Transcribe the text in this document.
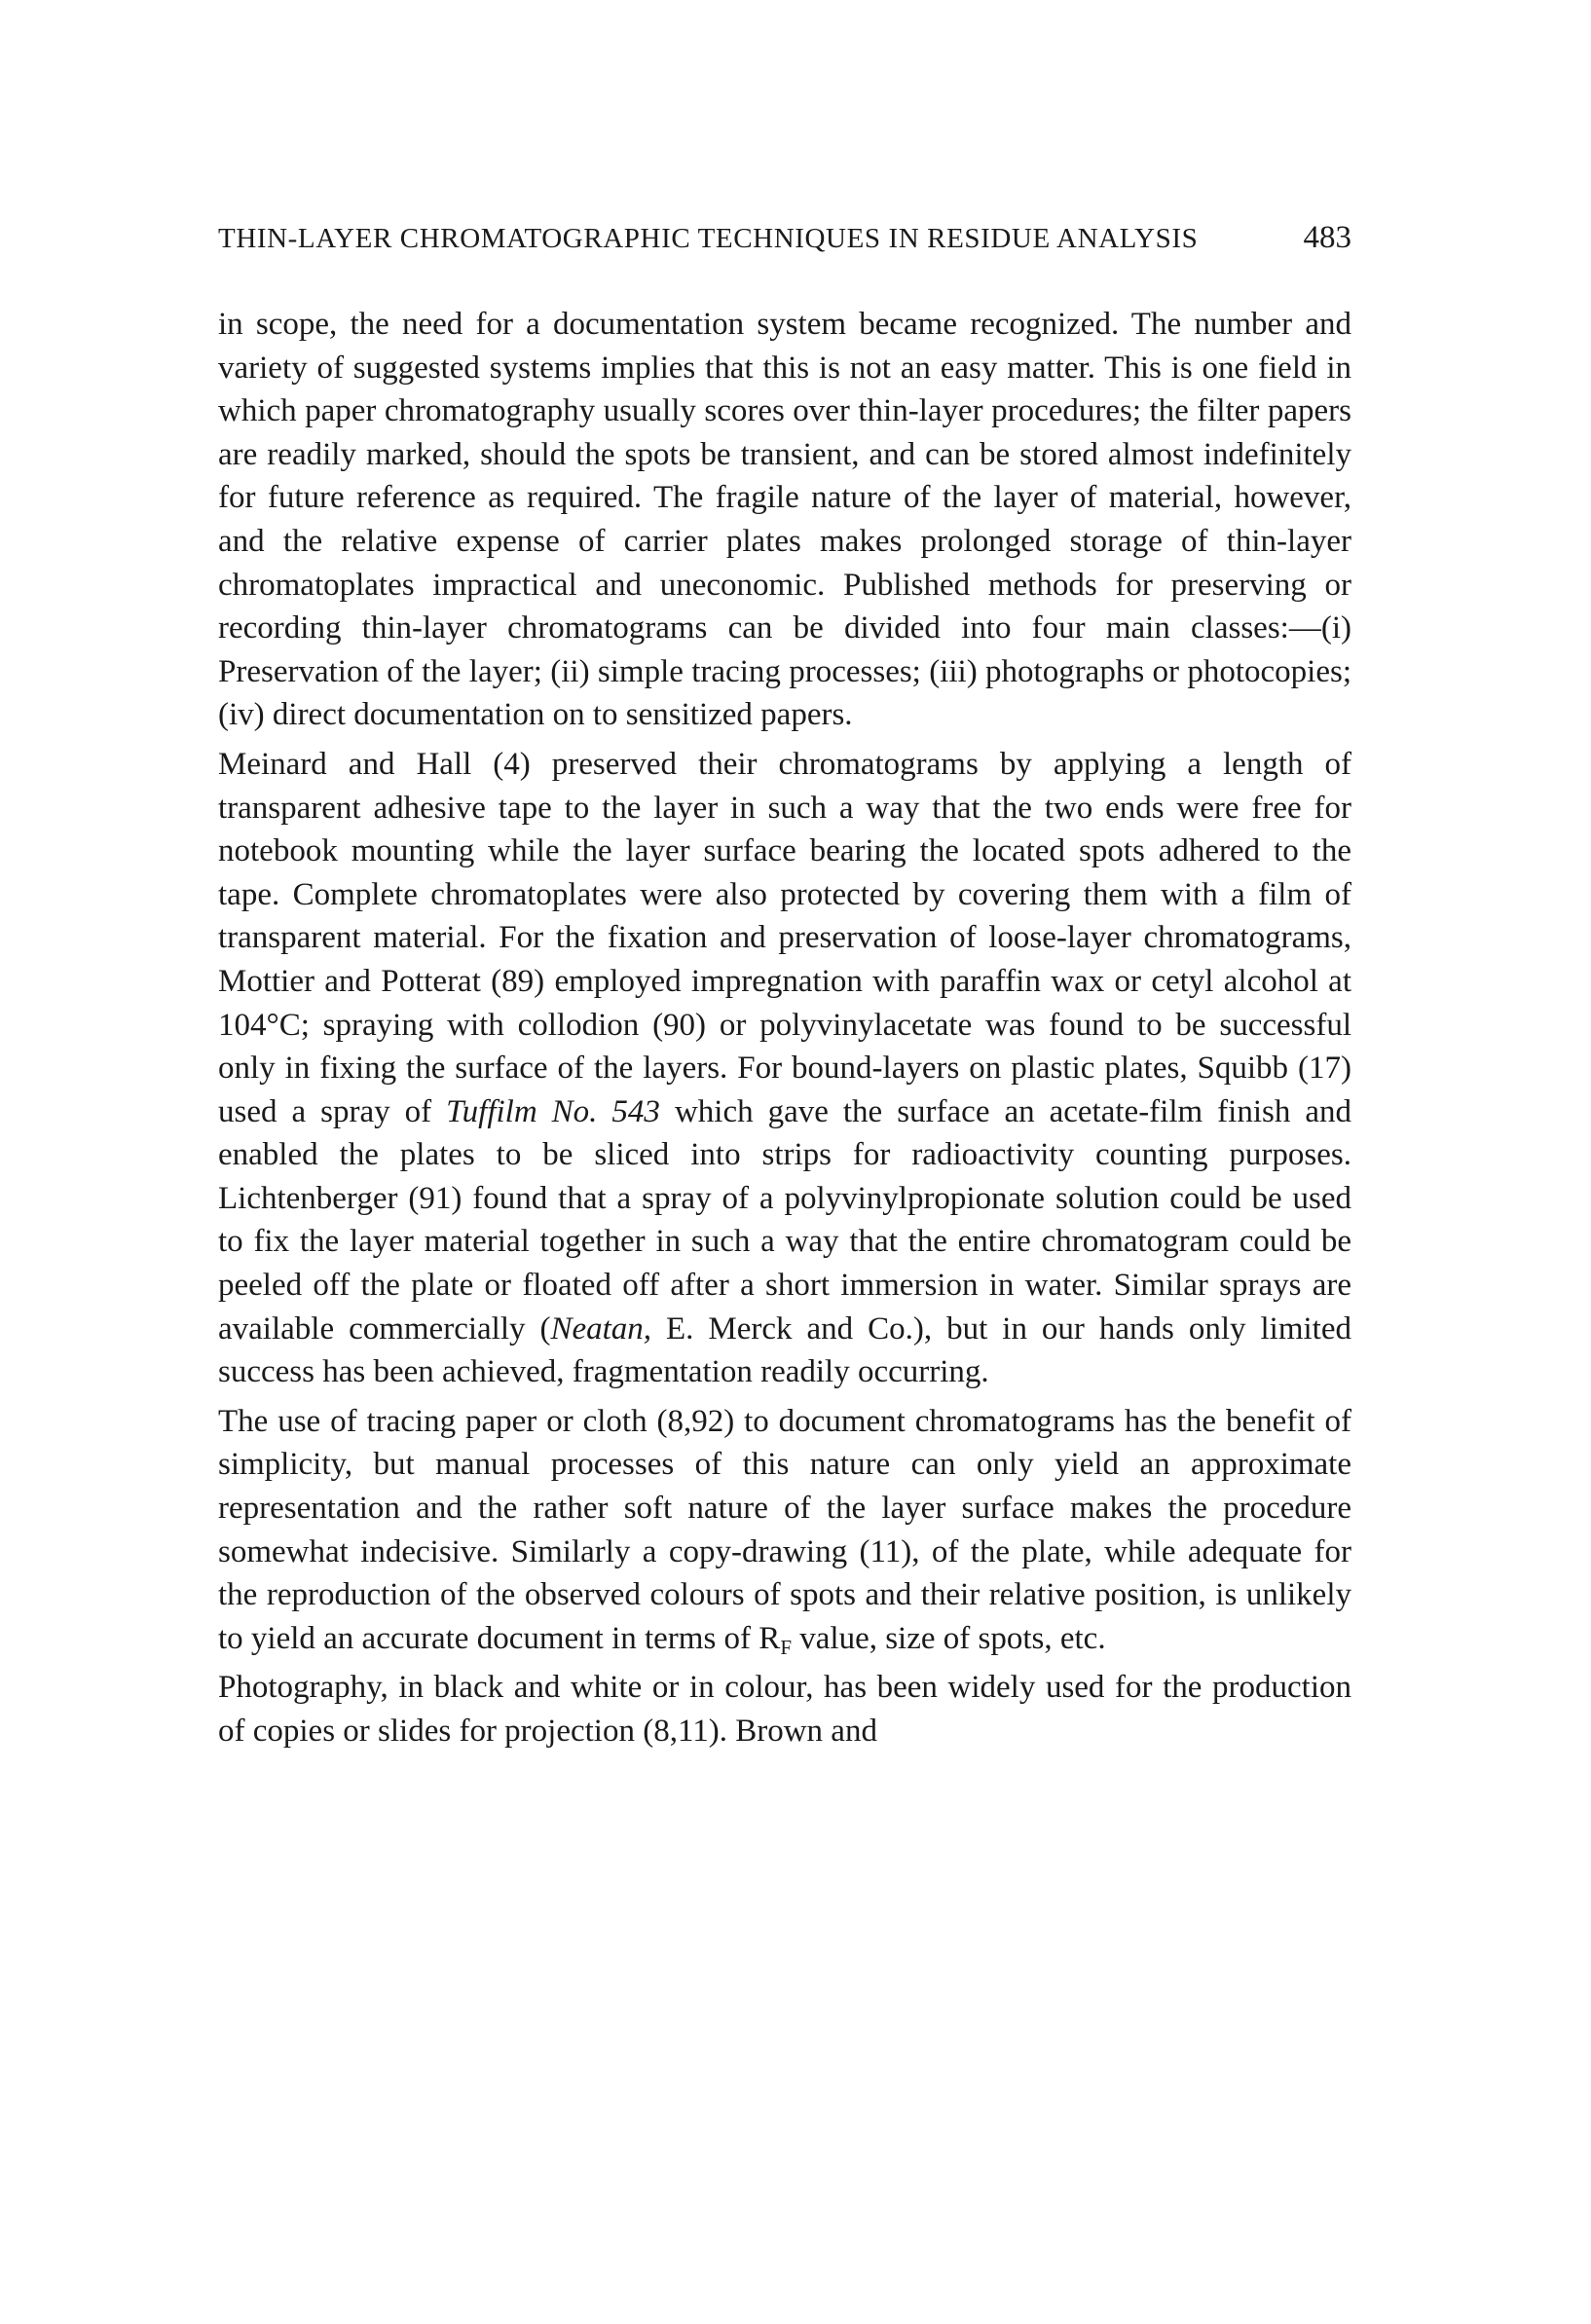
THIN-LAYER CHROMATOGRAPHIC TECHNIQUES IN RESIDUE ANALYSIS	483

in scope, the need for a documentation system became recognized. The number and variety of suggested systems implies that this is not an easy matter. This is one field in which paper chromatography usually scores over thin-layer procedures; the filter papers are readily marked, should the spots be transient, and can be stored almost indefinitely for future reference as required. The fragile nature of the layer of material, however, and the relative expense of carrier plates makes prolonged storage of thin-layer chromatoplates impractical and uneconomic. Published methods for preserving or recording thin-layer chromatograms can be divided into four main classes:—(i) Preservation of the layer; (ii) simple tracing processes; (iii) photographs or photocopies; (iv) direct documentation on to sensitized papers.

Meinard and Hall (4) preserved their chromatograms by applying a length of transparent adhesive tape to the layer in such a way that the two ends were free for notebook mounting while the layer surface bearing the located spots adhered to the tape. Complete chromatoplates were also protected by covering them with a film of transparent material. For the fixation and preservation of loose-layer chromatograms, Mottier and Potterat (89) employed impregnation with paraffin wax or cetyl alcohol at 104°C; spraying with collodion (90) or polyvinylacetate was found to be successful only in fixing the surface of the layers. For bound-layers on plastic plates, Squibb (17) used a spray of Tuffilm No. 543 which gave the surface an acetate-film finish and enabled the plates to be sliced into strips for radioactivity counting purposes. Lichtenberger (91) found that a spray of a polyvinylpropionate solution could be used to fix the layer material together in such a way that the entire chromatogram could be peeled off the plate or floated off after a short immersion in water. Similar sprays are available commercially (Neatan, E. Merck and Co.), but in our hands only limited success has been achieved, fragmentation readily occurring.

The use of tracing paper or cloth (8,92) to document chromatograms has the benefit of simplicity, but manual processes of this nature can only yield an approximate representation and the rather soft nature of the layer surface makes the procedure somewhat indecisive. Similarly a copy-drawing (11), of the plate, while adequate for the reproduction of the observed colours of spots and their relative position, is unlikely to yield an accurate document in terms of $R_F$ value, size of spots, etc.

Photography, in black and white or in colour, has been widely used for the production of copies or slides for projection (8,11). Brown and
